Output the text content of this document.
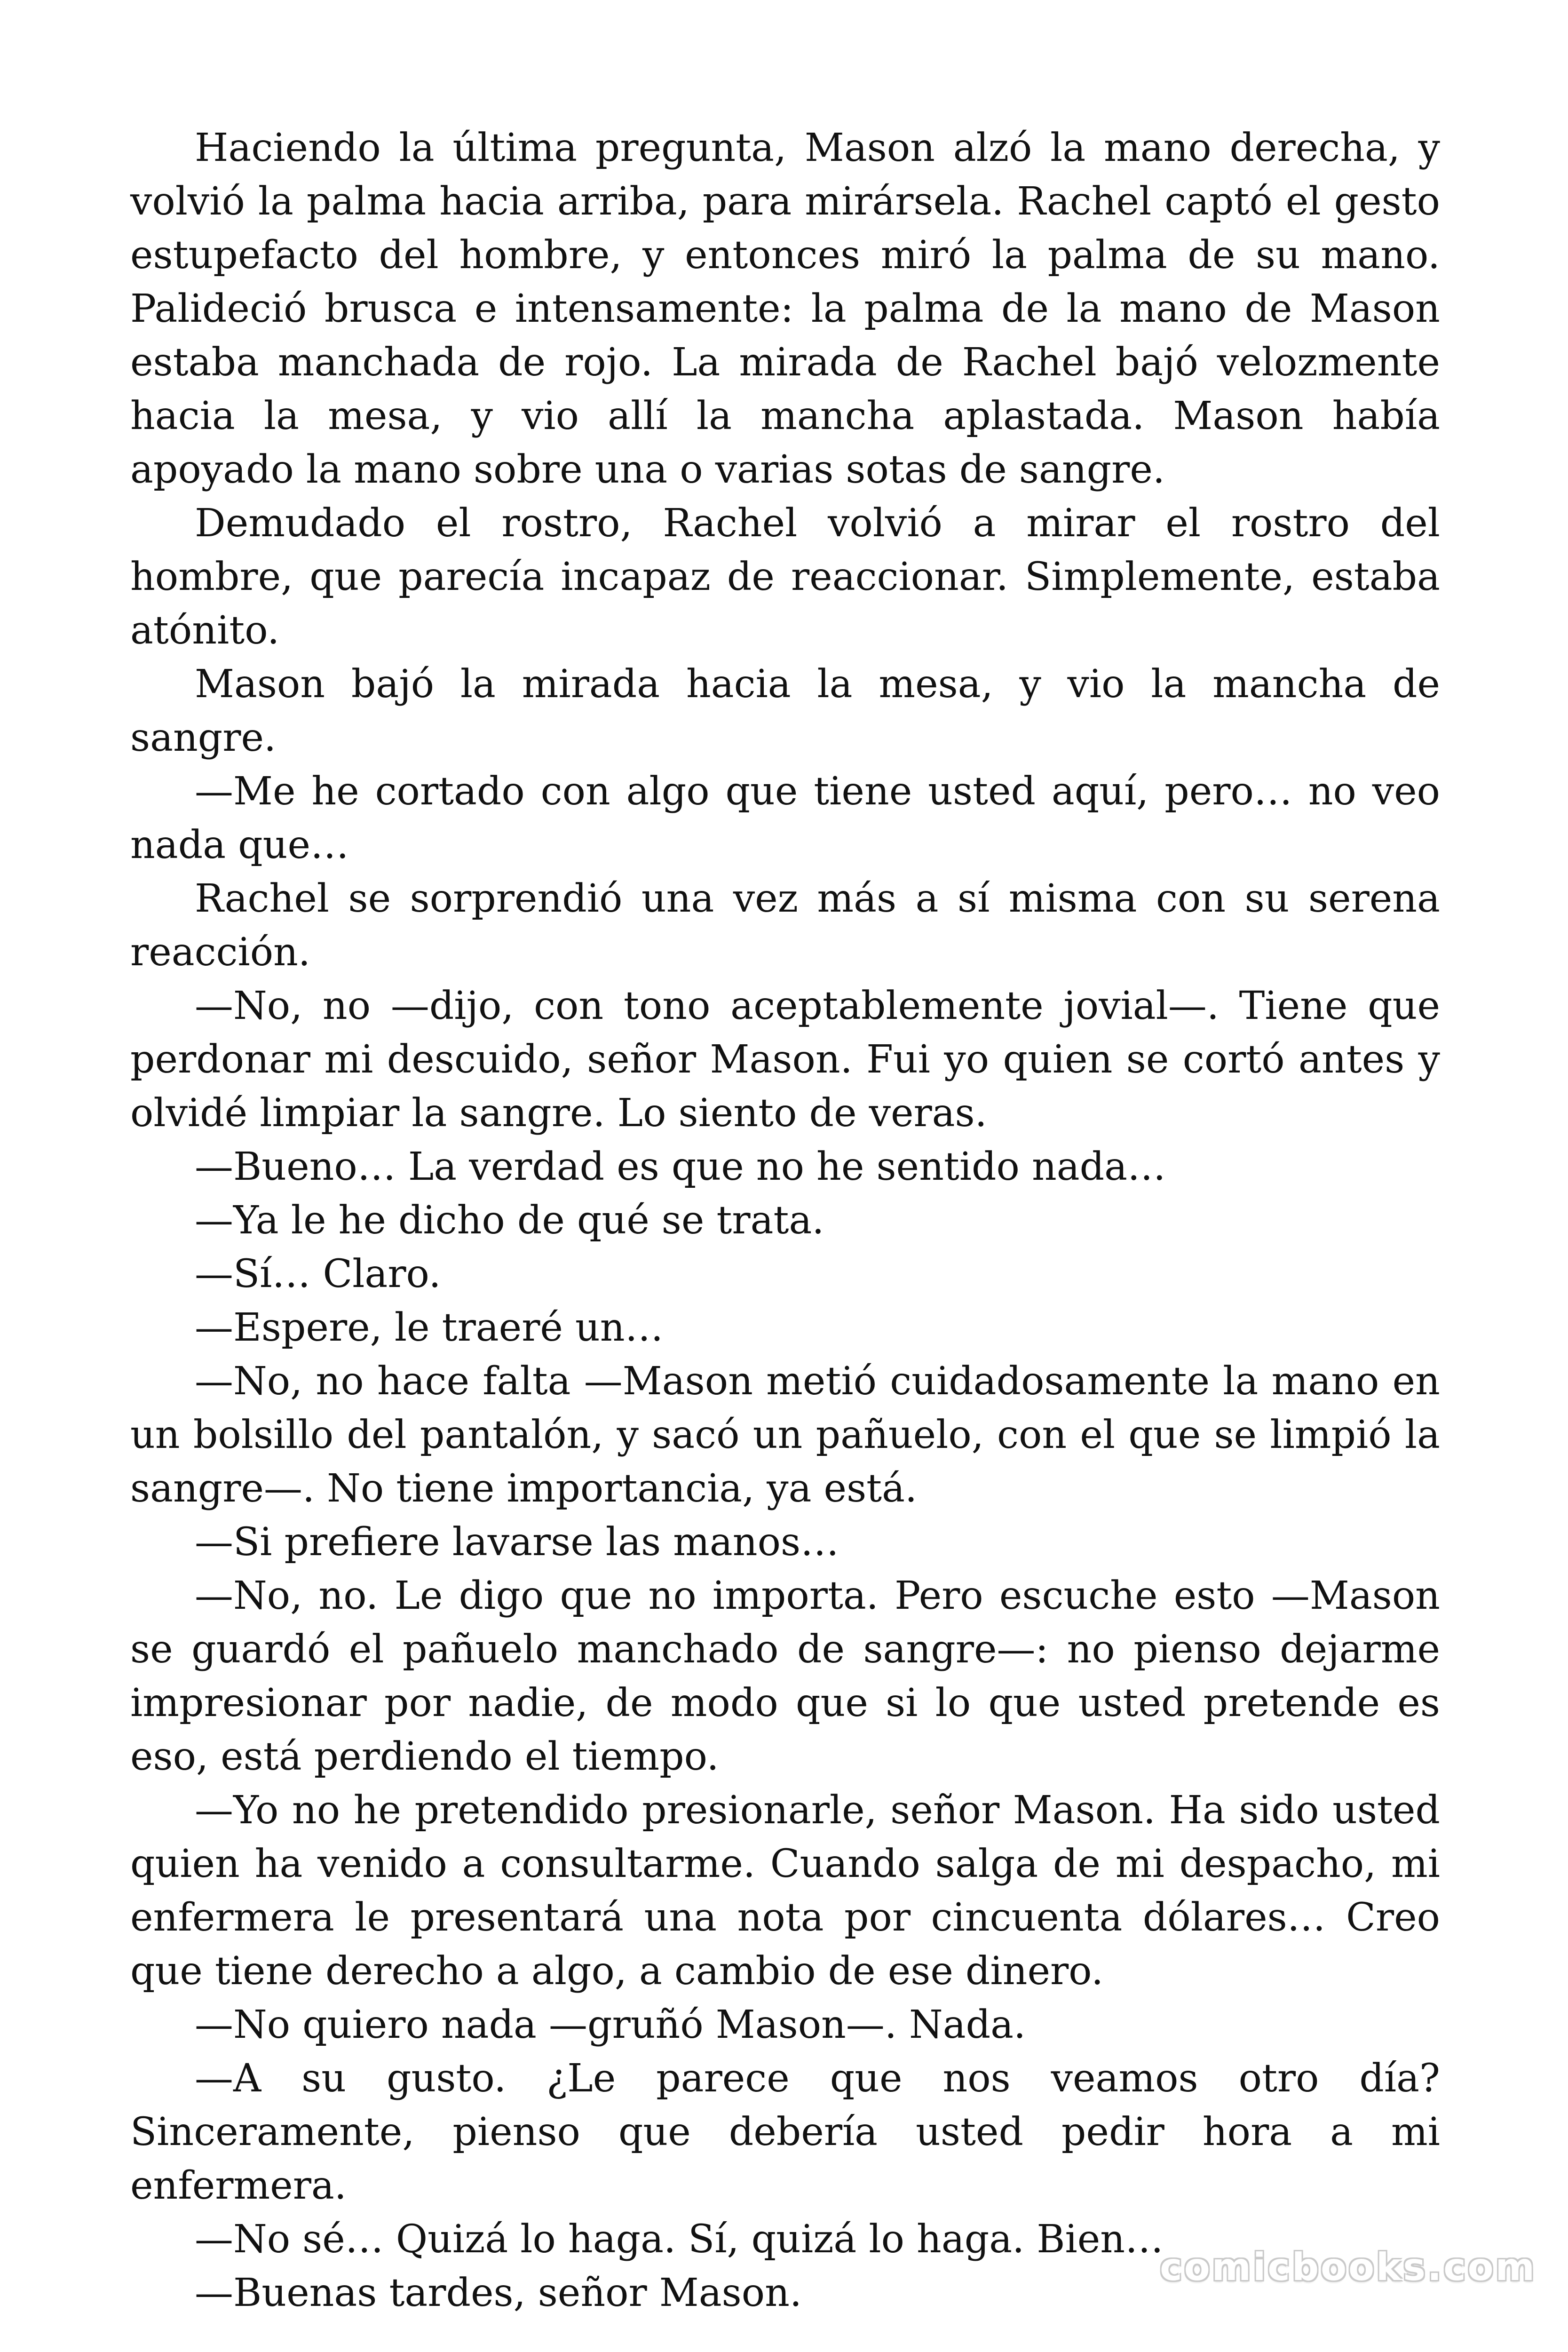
Haciendo la última pregunta, Mason alzó la mano derecha, y volvió la palma hacia arriba, para mirársela. Rachel captó el gesto estupefacto del hombre, y entonces miró la palma de su mano. Palideció brusca e intensamente: la palma de la mano de Mason estaba manchada de rojo. La mirada de Rachel bajó velozmente hacia la mesa, y vio allí la mancha aplastada. Mason había apoyado la mano sobre una o varias sotas de sangre.

Demudado el rostro, Rachel volvió a mirar el rostro del hombre, que parecía incapaz de reaccionar. Simplemente, estaba atónito.

Mason bajó la mirada hacia la mesa, y vio la mancha de sangre.

—Me he cortado con algo que tiene usted aquí, pero… no veo nada que…

Rachel se sorprendió una vez más a sí misma con su serena reacción.

—No, no —dijo, con tono aceptablemente jovial—. Tiene que perdonar mi descuido, señor Mason. Fui yo quien se cortó antes y olvidé limpiar la sangre. Lo siento de veras.

—Bueno… La verdad es que no he sentido nada…

—Ya le he dicho de qué se trata.

—Sí… Claro.

—Espere, le traeré un…

—No, no hace falta —Mason metió cuidadosamente la mano en un bolsillo del pantalón, y sacó un pañuelo, con el que se limpió la sangre—. No tiene importancia, ya está.

—Si prefiere lavarse las manos…

—No, no. Le digo que no importa. Pero escuche esto —Mason se guardó el pañuelo manchado de sangre—: no pienso dejarme impresionar por nadie, de modo que si lo que usted pretende es eso, está perdiendo el tiempo.

—Yo no he pretendido presionarle, señor Mason. Ha sido usted quien ha venido a consultarme. Cuando salga de mi despacho, mi enfermera le presentará una nota por cincuenta dólares… Creo que tiene derecho a algo, a cambio de ese dinero.

—No quiero nada —gruñó Mason—. Nada.

—A su gusto. ¿Le parece que nos veamos otro día? Sinceramente, pienso que debería usted pedir hora a mi enfermera.

—No sé… Quizá lo haga. Sí, quizá lo haga. Bien…

—Buenas tardes, señor Mason.

comicbooks.com
